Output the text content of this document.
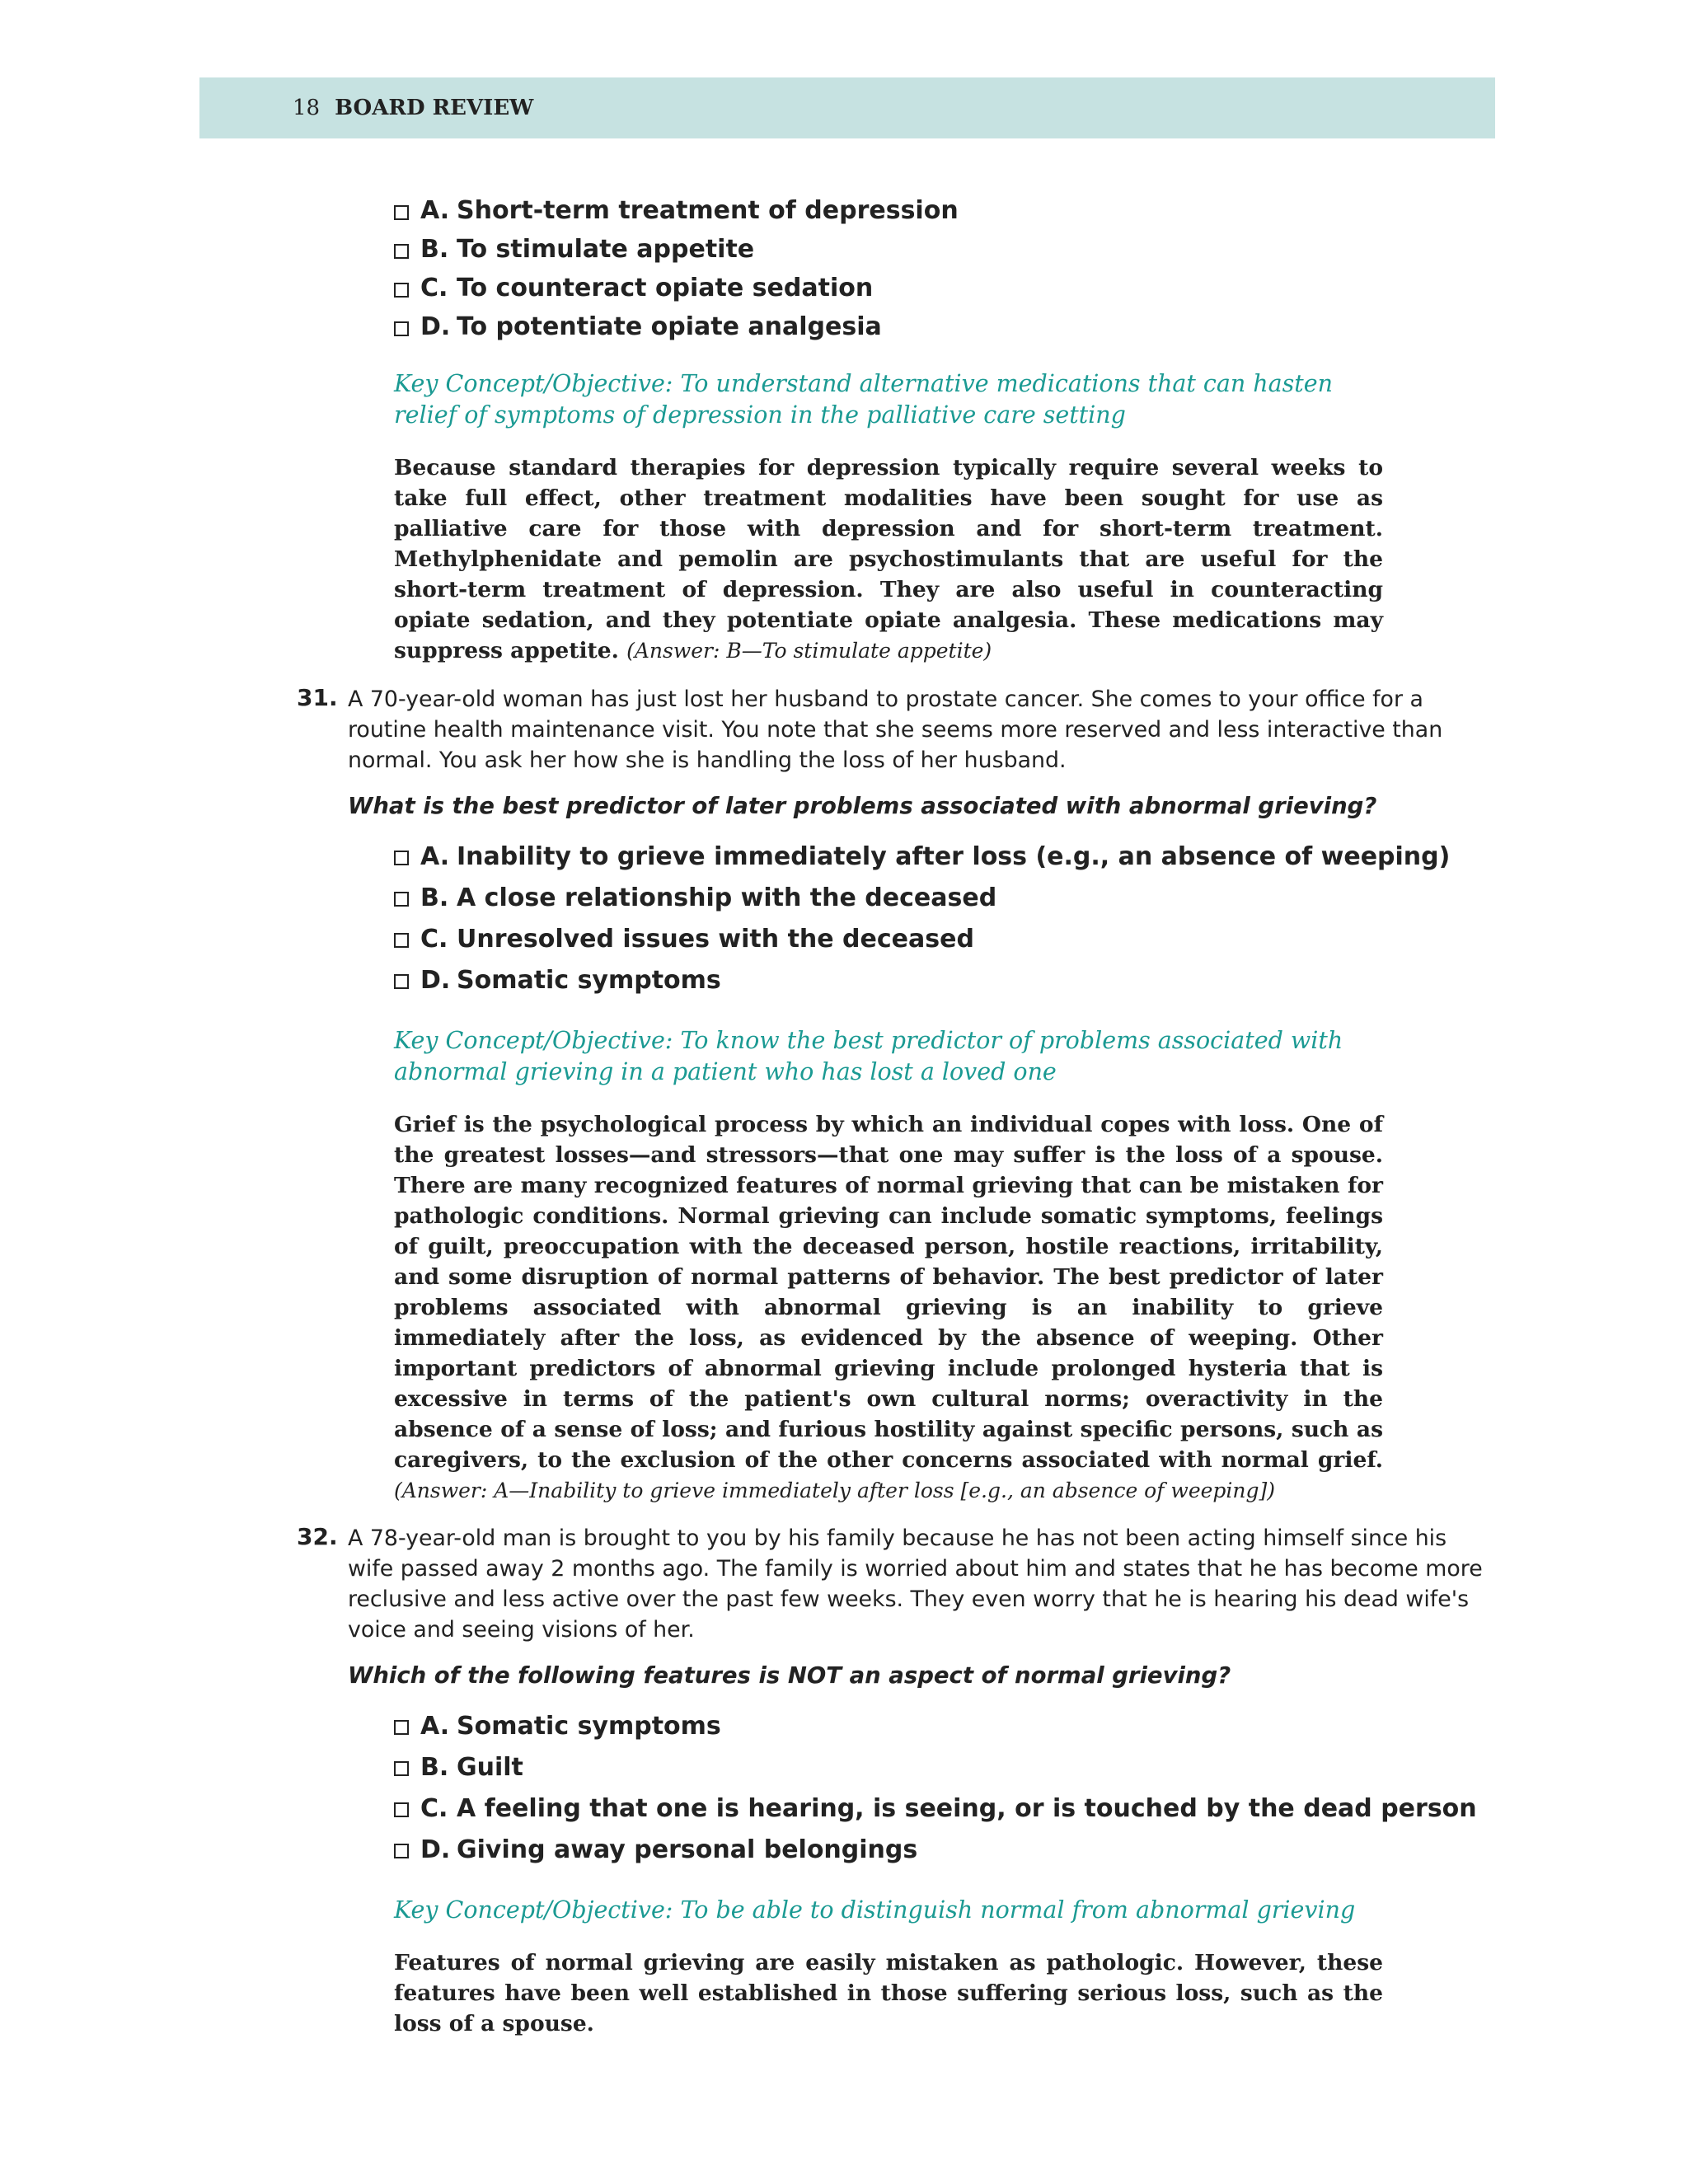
18 BOARD REVIEW
A. Short-term treatment of depression
B. To stimulate appetite
C. To counteract opiate sedation
D. To potentiate opiate analgesia

Key Concept/Objective: To understand alternative medications that can hasten relief of symptoms of depression in the palliative care setting

Because standard therapies for depression typically require several weeks to take full effect, other treatment modalities have been sought for use as palliative care for those with depression and for short-term treatment. Methylphenidate and pemolin are psychostimulants that are useful for the short-term treatment of depression. They are also useful in counteracting opiate sedation, and they potentiate opiate analgesia. These medications may suppress appetite. (Answer: B—To stimulate appetite)

31. A 70-year-old woman has just lost her husband to prostate cancer. She comes to your office for a routine health maintenance visit. You note that she seems more reserved and less interactive than normal. You ask her how she is handling the loss of her husband.

What is the best predictor of later problems associated with abnormal grieving?
A. Inability to grieve immediately after loss (e.g., an absence of weeping)
B. A close relationship with the deceased
C. Unresolved issues with the deceased
D. Somatic symptoms

Key Concept/Objective: To know the best predictor of problems associated with abnormal grieving in a patient who has lost a loved one

Grief is the psychological process by which an individual copes with loss. One of the greatest losses—and stressors—that one may suffer is the loss of a spouse. There are many recognized features of normal grieving that can be mistaken for pathologic conditions. Normal grieving can include somatic symptoms, feelings of guilt, preoccupation with the deceased person, hostile reactions, irritability, and some disruption of normal patterns of behavior. The best predictor of later problems associated with abnormal grieving is an inability to grieve immediately after the loss, as evidenced by the absence of weeping. Other important predictors of abnormal grieving include prolonged hysteria that is excessive in terms of the patient's own cultural norms; overactivity in the absence of a sense of loss; and furious hostility against specific persons, such as caregivers, to the exclusion of the other concerns associated with normal grief. (Answer: A—Inability to grieve immediately after loss [e.g., an absence of weeping])

32. A 78-year-old man is brought to you by his family because he has not been acting himself since his wife passed away 2 months ago. The family is worried about him and states that he has become more reclusive and less active over the past few weeks. They even worry that he is hearing his dead wife's voice and seeing visions of her.

Which of the following features is NOT an aspect of normal grieving?
A. Somatic symptoms
B. Guilt
C. A feeling that one is hearing, is seeing, or is touched by the dead person
D. Giving away personal belongings

Key Concept/Objective: To be able to distinguish normal from abnormal grieving

Features of normal grieving are easily mistaken as pathologic. However, these features have been well established in those suffering serious loss, such as the loss of a spouse.
